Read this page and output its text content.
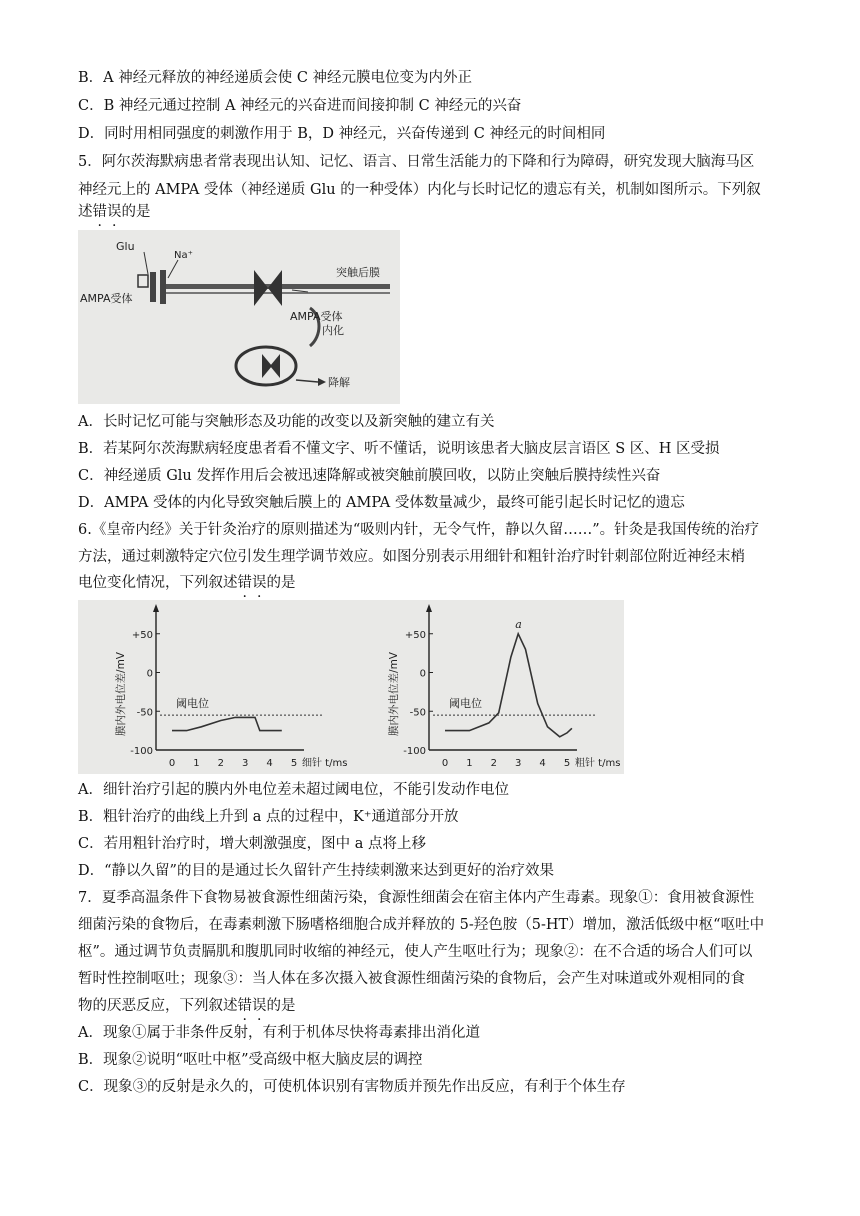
B．A 神经元释放的神经递质会使 C 神经元膜电位变为内外正
C．B 神经元通过控制 A 神经元的兴奋进而间接抑制 C 神经元的兴奋
D．同时用相同强度的刺激作用于 B，D 神经元，兴奋传递到 C 神经元的时间相同
5．阿尔茨海默病患者常表现出认知、记忆、语言、日常生活能力的下降和行为障碍，研究发现大脑海马区
神经元上的 AMPA 受体（神经递质 Glu 的一种受体）内化与长时记忆的遗忘有关，机制如图所示。下列叙
述错误的是
Glu
Na⁺
AMPA受体
突触后膜
AMPA受体
内化
降解
A．长时记忆可能与突触形态及功能的改变以及新突触的建立有关
B．若某阿尔茨海默病轻度患者看不懂文字、听不懂话，说明该患者大脑皮层言语区 S 区、H 区受损
C．神经递质 Glu 发挥作用后会被迅速降解或被突触前膜回收，以防止突触后膜持续性兴奋
D．AMPA 受体的内化导致突触后膜上的 AMPA 受体数量减少，最终可能引起长时记忆的遗忘
6.《皇帝内经》关于针灸治疗的原则描述为“吸则内针，无令气忤，静以久留……”。针灸是我国传统的治疗
方法，通过刺激特定穴位引发生理学调节效应。如图分别表示用细针和粗针治疗时针刺部位附近神经末梢
电位变化情况，下列叙述错误的是
+50
0
-50
-100
0 1 2 3 4 5 细针 t/ms
膜内外电位差/mV	阈电位
+50
0
-50
-100
0 1 2 3 4 5 粗针 t/ms
膜内外电位差/mV	阈电位
a
A．细针治疗引起的膜内外电位差未超过阈电位，不能引发动作电位
B．粗针治疗的曲线上升到 a 点的过程中，K⁺通道部分开放
C．若用粗针治疗时，增大刺激强度，图中 a 点将上移
D．“静以久留”的目的是通过长久留针产生持续刺激来达到更好的治疗效果
7．夏季高温条件下食物易被食源性细菌污染，食源性细菌会在宿主体内产生毒素。现象①：食用被食源性
细菌污染的食物后，在毒素刺激下肠嗜格细胞合成并释放的 5-羟色胺（5-HT）增加，激活低级中枢“呕吐中
枢”。通过调节负责膈肌和腹肌同时收缩的神经元，使人产生呕吐行为；现象②：在不合适的场合人们可以
暂时性控制呕吐；现象③：当人体在多次摄入被食源性细菌污染的食物后，会产生对味道或外观相同的食
物的厌恶反应，下列叙述错误的是
A．现象①属于非条件反射，有利于机体尽快将毒素排出消化道
B．现象②说明“呕吐中枢”受高级中枢大脑皮层的调控
C．现象③的反射是永久的，可使机体识别有害物质并预先作出反应，有利于个体生存
